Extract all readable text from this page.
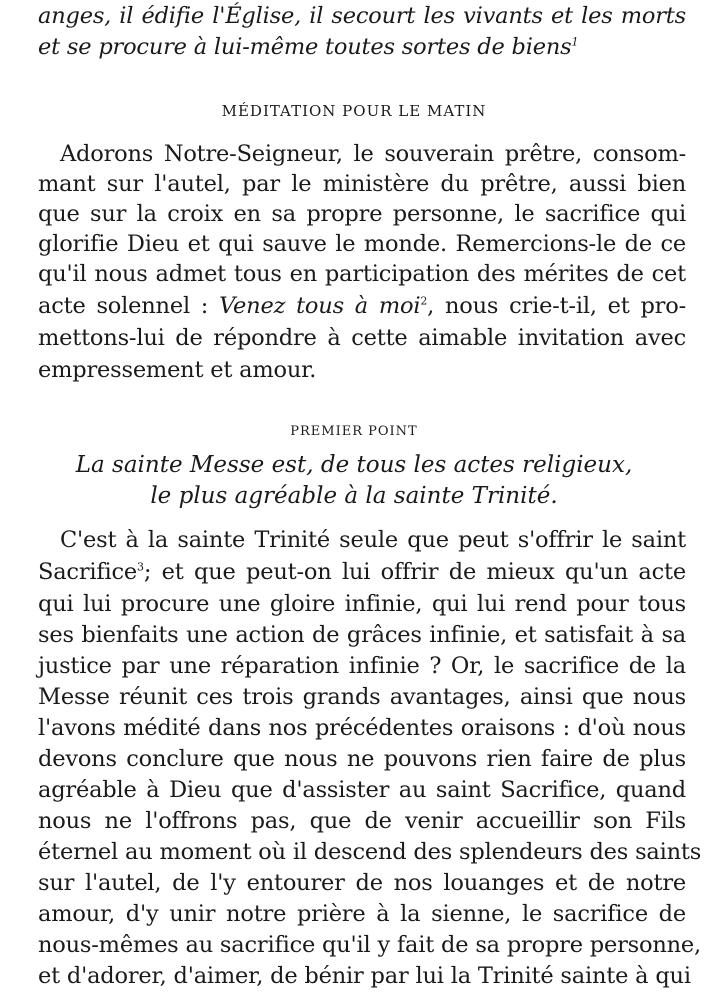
anges, il édifie l'Église, il secourt les vivants et les morts
et se procure à lui-même toutes sortes de biens$^1$
MÉDITATION POUR LE MATIN
Adorons Notre-Seigneur, le souverain prêtre, consom-
mant sur l'autel, par le ministère du prêtre, aussi bien
que sur la croix en sa propre personne, le sacrifice qui
glorifie Dieu et qui sauve le monde. Remercions-le de ce
qu'il nous admet tous en participation des mérites de cet
acte solennel : Venez tous à moi$^2$, nous crie-t-il, et pro-
mettons-lui de répondre à cette aimable invitation avec
empressement et amour.
PREMIER POINT
La sainte Messe est, de tous les actes religieux,
le plus agréable à la sainte Trinité.
C'est à la sainte Trinité seule que peut s'offrir le saint
Sacrifice$^3$; et que peut-on lui offrir de mieux qu'un acte
qui lui procure une gloire infinie, qui lui rend pour tous
ses bienfaits une action de grâces infinie, et satisfait à sa
justice par une réparation infinie ? Or, le sacrifice de la
Messe réunit ces trois grands avantages, ainsi que nous
l'avons médité dans nos précédentes oraisons : d'où nous
devons conclure que nous ne pouvons rien faire de plus
agréable à Dieu que d'assister au saint Sacrifice, quand
nous ne l'offrons pas, que de venir accueillir son Fils
éternel au moment où il descend des splendeurs des saints
sur l'autel, de l'y entourer de nos louanges et de notre
amour, d'y unir notre prière à la sienne, le sacrifice de
nous-mêmes au sacrifice qu'il y fait de sa propre personne,
et d'adorer, d'aimer, de bénir par lui la Trinité sainte à qui
